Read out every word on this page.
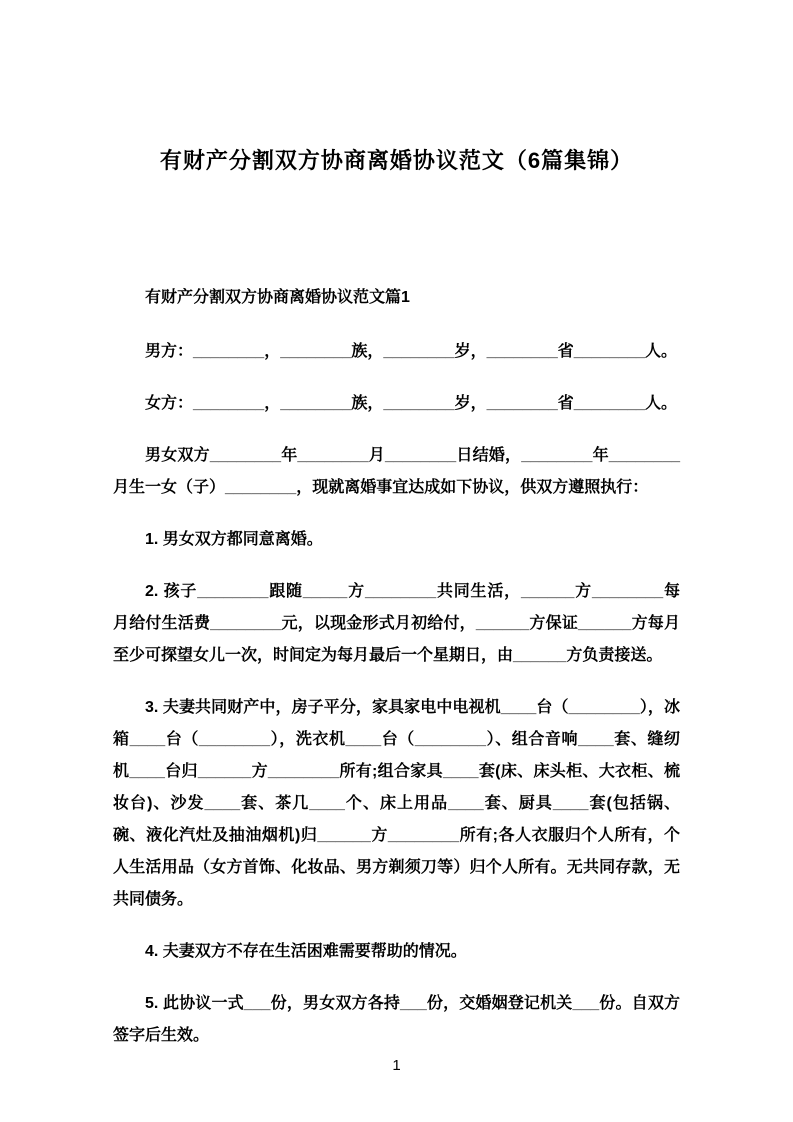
有财产分割双方协商离婚协议范文（6篇集锦）
有财产分割双方协商离婚协议范文篇1

男方：________，________族，________岁，________省________人。

女方：________，________族，________岁，________省________人。

男女双方________年________月________日结婚，________年________月生一女（子）________，现就离婚事宜达成如下协议，供双方遵照执行：

1. 男女双方都同意离婚。

2. 孩子________跟随_____方________共同生活，______方________每月给付生活费________元，以现金形式月初给付，______方保证______方每月至少可探望女儿一次，时间定为每月最后一个星期日，由______方负责接送。

3. 夫妻共同财产中，房子平分，家具家电中电视机____台（________），冰箱____台（________），洗衣机____台（________）、组合音响____套、缝纫机____台归______方________所有;组合家具____套(床、床头柜、大衣柜、梳妆台)、沙发____套、茶几____个、床上用品____套、厨具____套(包括锅、碗、液化汽灶及抽油烟机)归______方________所有;各人衣服归个人所有，个人生活用品（女方首饰、化妆品、男方剃须刀等）归个人所有。无共同存款，无共同债务。

4. 夫妻双方不存在生活困难需要帮助的情况。

5. 此协议一式___份，男女双方各持___份，交婚姻登记机关___份。自双方签字后生效。

1
